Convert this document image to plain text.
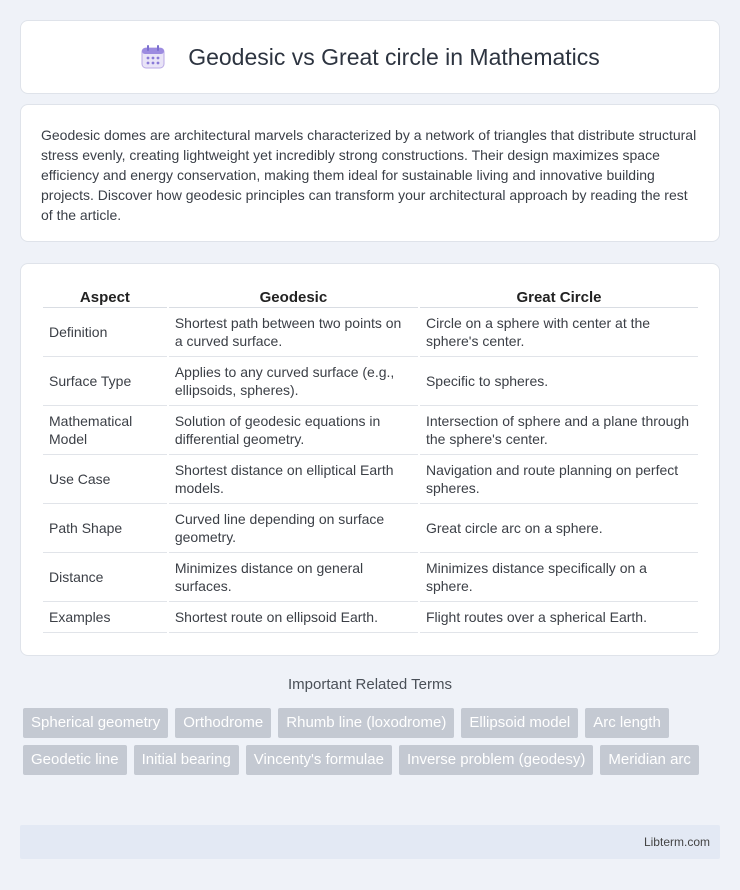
Geodesic vs Great circle in Mathematics

Geodesic domes are architectural marvels characterized by a network of triangles that distribute structural stress evenly, creating lightweight yet incredibly strong constructions. Their design maximizes space efficiency and energy conservation, making them ideal for sustainable living and innovative building projects. Discover how geodesic principles can transform your architectural approach by reading the rest of the article.

Aspect	Geodesic	Great Circle
Definition	Shortest path between two points on a curved surface.	Circle on a sphere with center at the sphere's center.
Surface Type	Applies to any curved surface (e.g., ellipsoids, spheres).	Specific to spheres.
Mathematical Model	Solution of geodesic equations in differential geometry.	Intersection of sphere and a plane through the sphere's center.
Use Case	Shortest distance on elliptical Earth models.	Navigation and route planning on perfect spheres.
Path Shape	Curved line depending on surface geometry.	Great circle arc on a sphere.
Distance	Minimizes distance on general surfaces.	Minimizes distance specifically on a sphere.
Examples	Shortest route on ellipsoid Earth.	Flight routes over a spherical Earth.
Important Related Terms
Spherical geometry	Orthodrome	Rhumb line (loxodrome)	Ellipsoid model	Arc length
Geodetic line	Initial bearing	Vincenty's formulae	Inverse problem (geodesy)	Meridian arc
Libterm.com
